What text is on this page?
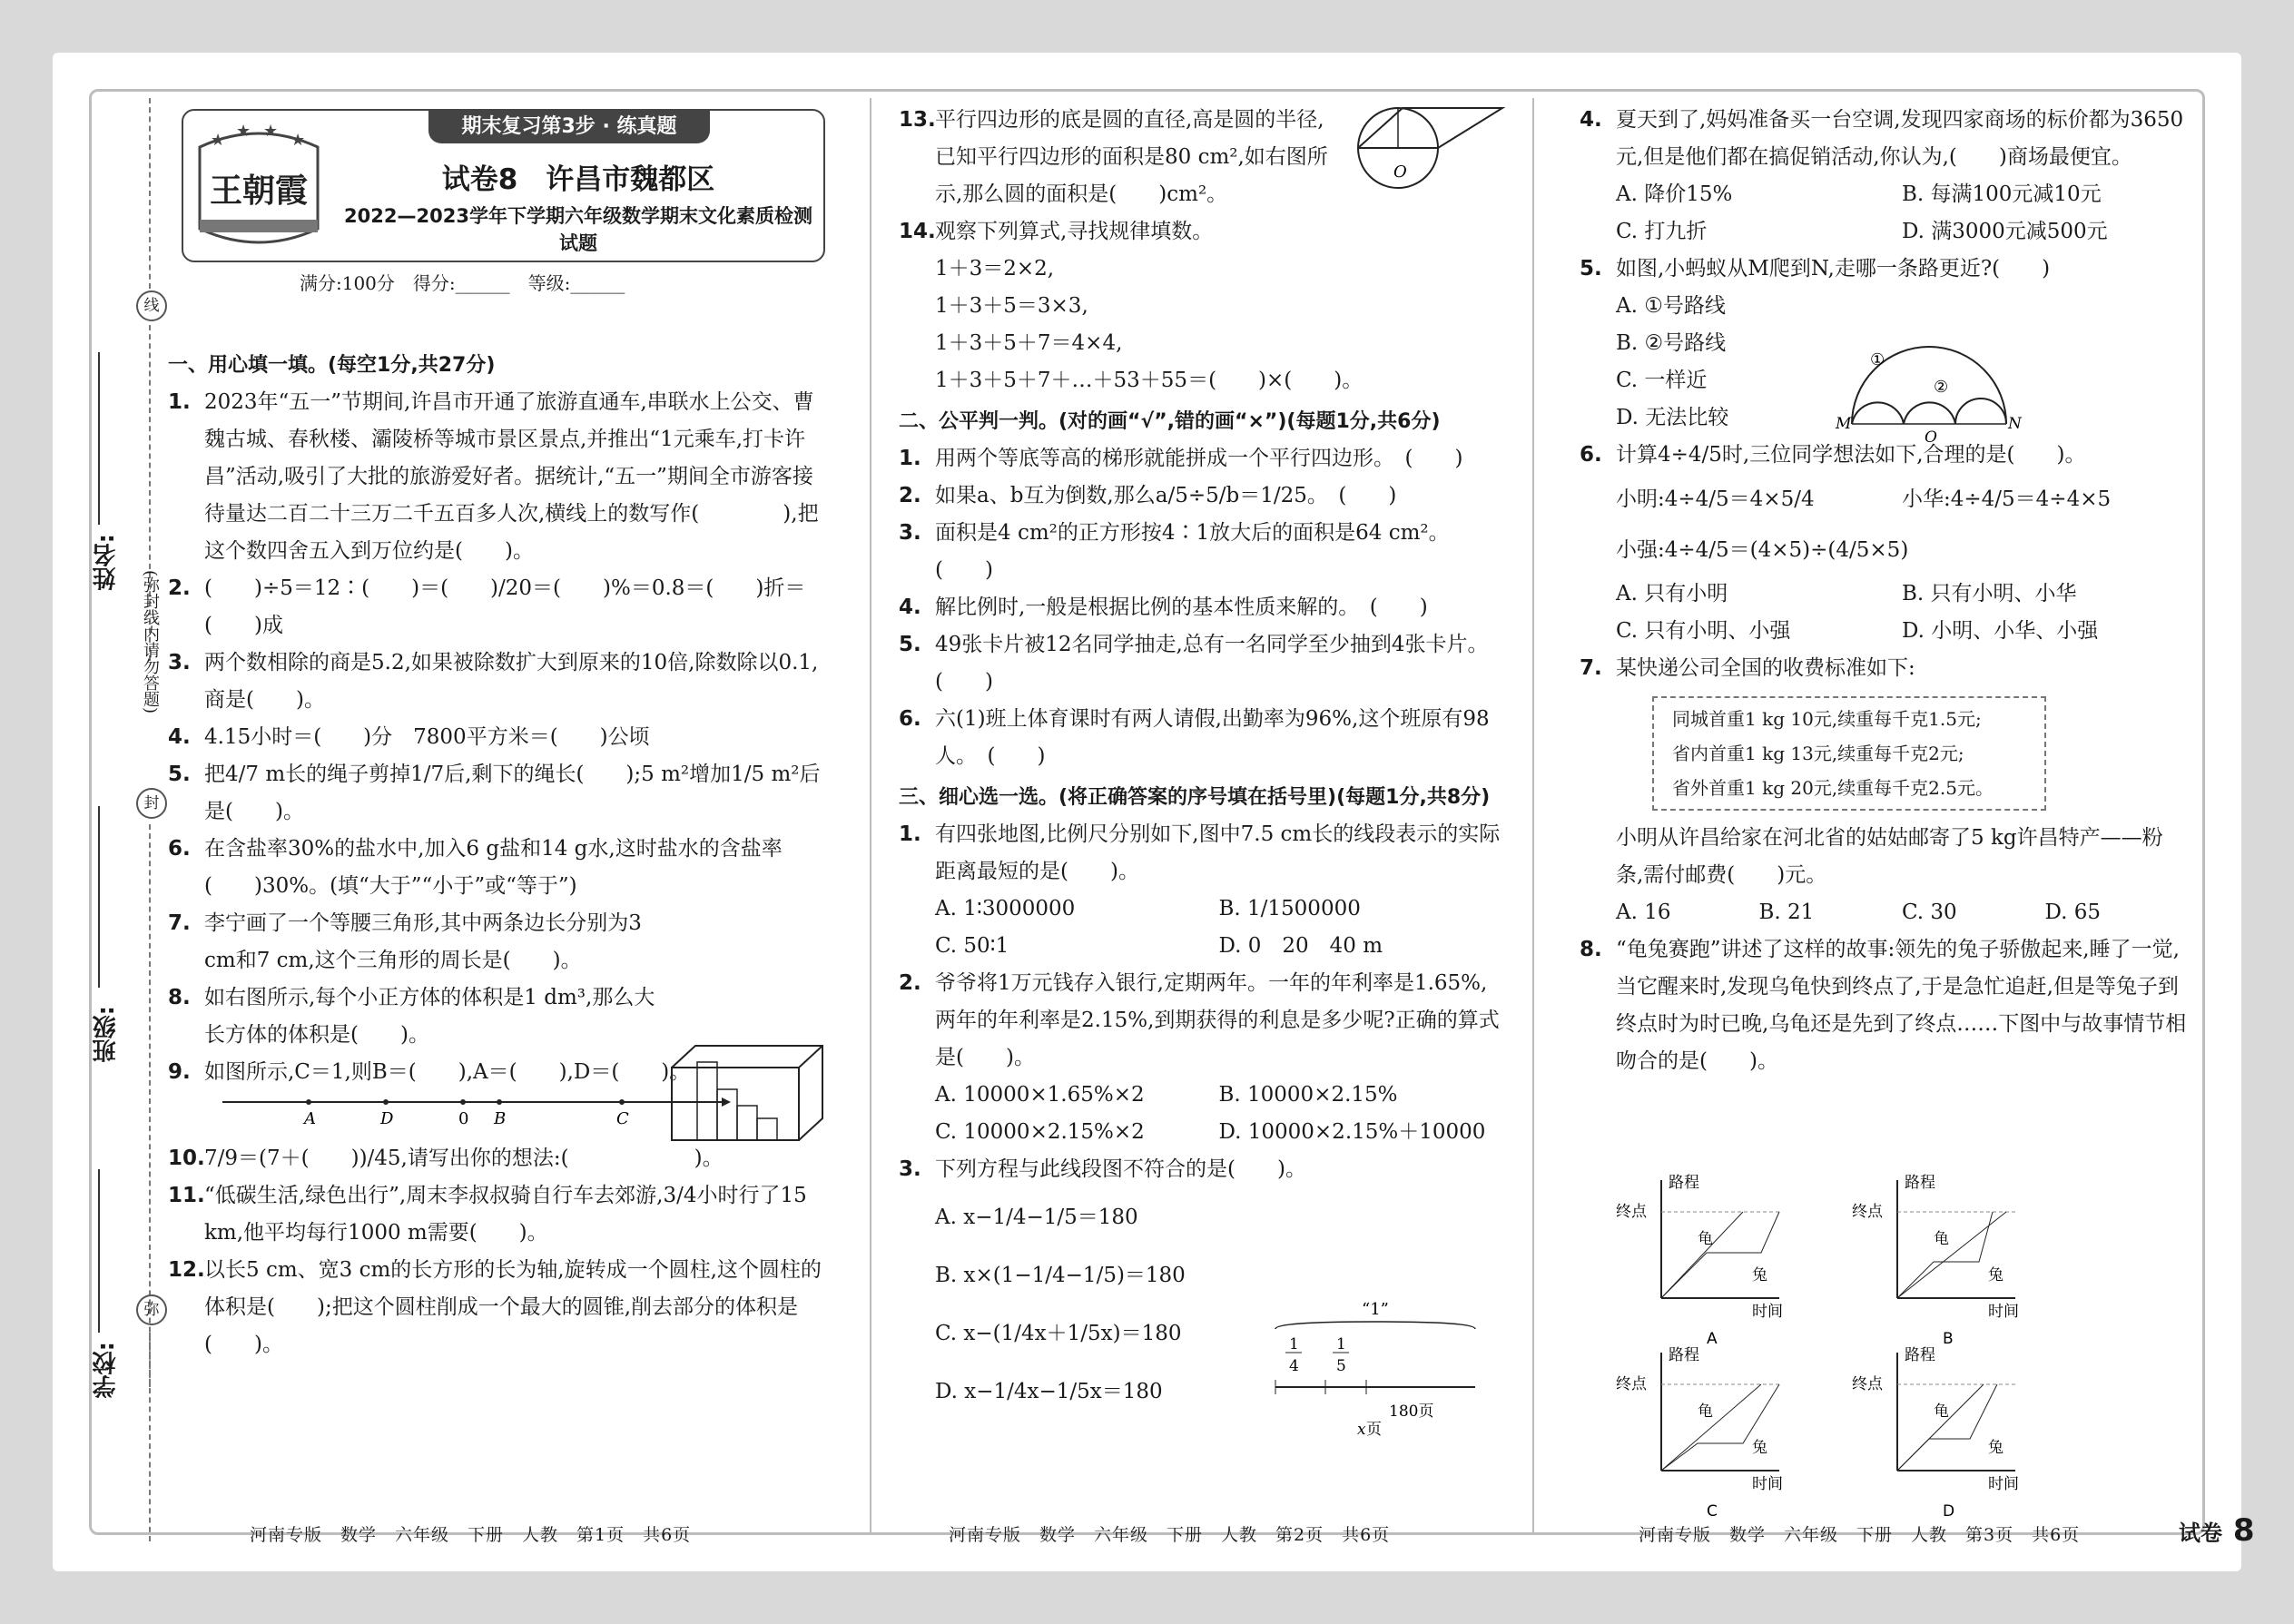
学校:
班级:
姓名:
线
(弥封线内请勿答题)
封
弥
王朝霞
★ ★ ★ ★
期末复习第3步 · 练真题
试卷8　许昌市魏都区
2022—2023学年下学期六年级数学期末文化素质检测试题
满分:100分　得分:______　等级:______
一、用心填一填。(每空1分,共27分)
1. 2023年“五一”节期间,许昌市开通了旅游直通车,串联水上公交、曹魏古城、春秋楼、灞陵桥等城市景区景点,并推出“1元乘车,打卡许昌”活动,吸引了大批的旅游爱好者。据统计,“五一”期间全市游客接待量达二百二十三万二千五百多人次,横线上的数写作(　　　　),把这个数四舍五入到万位约是(　　)。
2. (　　)÷5＝12∶(　　)＝(　　)/20＝(　　)%＝0.8＝(　　)折＝(　　)成
3. 两个数相除的商是5.2,如果被除数扩大到原来的10倍,除数除以0.1,商是(　　)。
4. 4.15小时＝(　　)分　7800平方米＝(　　)公顷
5. 把4/7 m长的绳子剪掉1/7后,剩下的绳长(　　);5 m²增加1/5 m²后是(　　)。
6. 在含盐率30%的盐水中,加入6 g盐和14 g水,这时盐水的含盐率(　　)30%。(填“大于”“小于”或“等于”)
7. 李宁画了一个等腰三角形,其中两条边长分别为3 cm和7 cm,这个三角形的周长是(　　)。
8. 如右图所示,每个小正方体的体积是1 dm³,那么大长方体的体积是(　　)。
9. 如图所示,C＝1,则B＝(　　),A＝(　　),D＝(　　)。
A	D	0 B	C
10. 7/9＝(7＋(　　))/45,请写出你的想法:(　　　　　　)。
11. “低碳生活,绿色出行”,周末李叔叔骑自行车去郊游,3/4小时行了15 km,他平均每行1000 m需要(　　)。
12. 以长5 cm、宽3 cm的长方形的长为轴,旋转成一个圆柱,这个圆柱的体积是(　　);把这个圆柱削成一个最大的圆锥,削去部分的体积是(　　)。
河南专版　数学　六年级　下册　人教　第1页　共6页
13. 平行四边形的底是圆的直径,高是圆的半径,已知平行四边形的面积是80 cm²,如右图所示,那么圆的面积是(　　)cm²。
14. 观察下列算式,寻找规律填数。
1＋3＝2×2,
1＋3＋5＝3×3,
1＋3＋5＋7＝4×4,
1＋3＋5＋7＋…＋53＋55＝(　　)×(　　)。
二、公平判一判。(对的画“√”,错的画“×”)(每题1分,共6分)
1. 用两个等底等高的梯形就能拼成一个平行四边形。　(　　)
2. 如果a、b互为倒数,那么a/5÷5/b＝1/25。　(　　)
3. 面积是4 cm²的正方形按4∶1放大后的面积是64 cm²。　(　　)
4. 解比例时,一般是根据比例的基本性质来解的。　(　　)
5. 49张卡片被12名同学抽走,总有一名同学至少抽到4张卡片。　(　　)
6. 六(1)班上体育课时有两人请假,出勤率为96%,这个班原有98人。　(　　)
三、细心选一选。(将正确答案的序号填在括号里)(每题1分,共8分)
1. 有四张地图,比例尺分别如下,图中7.5 cm长的线段表示的实际距离最短的是(　　)。
A. 1∶3000000	B. 1/1500000
C. 50∶1	D. 0　20　40 m
2. 爷爷将1万元钱存入银行,定期两年。一年的年利率是1.65%,两年的年利率是2.15%,到期获得的利息是多少呢?正确的算式是(　　)。
A. 10000×1.65%×2	B. 10000×2.15%
C. 10000×2.15%×2	D. 10000×2.15%＋10000
3. 下列方程与此线段图不符合的是(　　)。
A. x−1/4−1/5＝180
B. x×(1−1/4−1/5)＝180
C. x−(1/4x＋1/5x)＝180
D. x−1/4x−1/5x＝180
O
“1”
1
4
1
5
180页
x 页
河南专版　数学　六年级　下册　人教　第2页　共6页
4. 夏天到了,妈妈准备买一台空调,发现四家商场的标价都为3650元,但是他们都在搞促销活动,你认为,(　　)商场最便宜。
A. 降价15%	B. 每满100元减10元
C. 打九折	D. 满3000元减500元
5. 如图,小蚂蚁从M爬到N,走哪一条路更近?(　　)
A. ①号路线
B. ②号路线
C. 一样近
D. 无法比较
6. 计算4÷4/5时,三位同学想法如下,合理的是(　　)。
小明:4÷4/5＝4×5/4	小华:4÷4/5＝4÷4×5
小强:4÷4/5＝(4×5)÷(4/5×5)
A. 只有小明	B. 只有小明、小华
C. 只有小明、小强	D. 小明、小华、小强
7. 某快递公司全国的收费标准如下:
同城首重1 kg 10元,续重每千克1.5元;
省内首重1 kg 13元,续重每千克2元;
省外首重1 kg 20元,续重每千克2.5元。
小明从许昌给家在河北省的姑姑邮寄了5 kg许昌特产——粉条,需付邮费(　　)元。
A. 16	B. 21	C. 30	D. 65
8. “龟兔赛跑”讲述了这样的故事:领先的兔子骄傲起来,睡了一觉,当它醒来时,发现乌龟快到终点了,于是急忙追赶,但是等兔子到终点时为时已晚,乌龟还是先到了终点……下图中与故事情节相吻合的是(　　)。
①
②
M	N
O
路程
时间
终点
龟
兔
A
路程
时间
终点
龟
兔
B
路程
时间
终点
龟
兔
C
路程
时间
终点
龟
兔
D
河南专版　数学　六年级　下册　人教　第3页　共6页	试卷 8
